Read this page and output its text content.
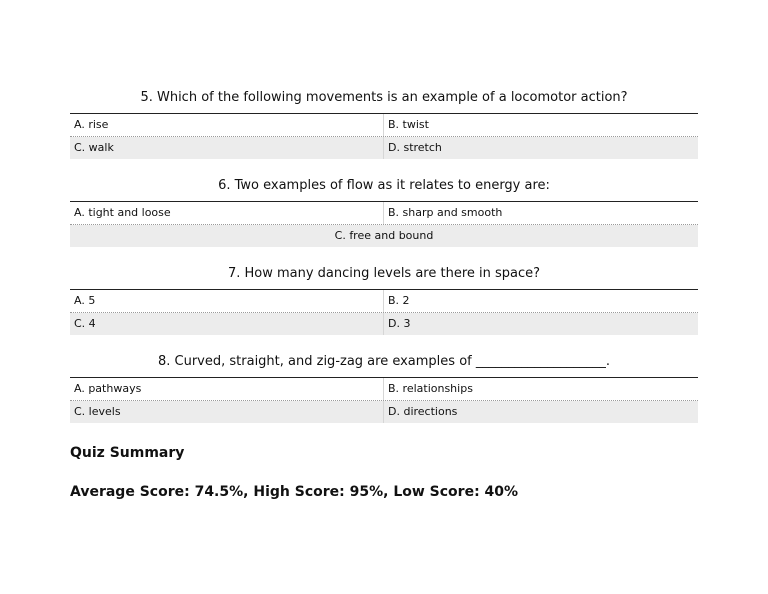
5. Which of the following movements is an example of a locomotor action?
A. rise	B. twist
C. walk	D. stretch
6. Two examples of flow as it relates to energy are:
A. tight and loose	B. sharp and smooth
C. free and bound
7. How many dancing levels are there in space?
A. 5	B. 2
C. 4	D. 3
8. Curved, straight, and zig-zag are examples of ____________________.
A. pathways	B. relationships
C. levels	D. directions
Quiz Summary
Average Score: 74.5%, High Score: 95%, Low Score: 40%
